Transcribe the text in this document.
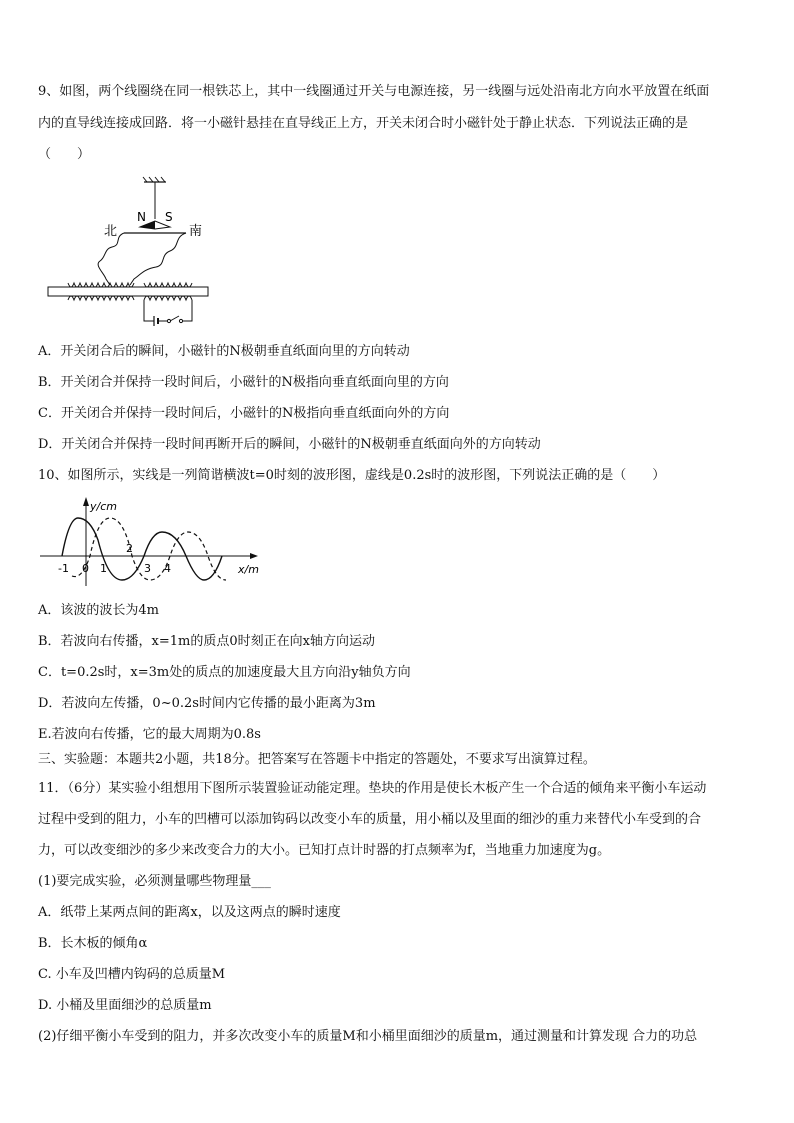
9、如图，两个线圈绕在同一根铁芯上，其中一线圈通过开关与电源连接，另一线圈与远处沿南北方向水平放置在纸面
内的直导线连接成回路．将一小磁针悬挂在直导线正上方，开关未闭合时小磁针处于静止状态．下列说法正确的是
（　　）
N S
北	南
A．开关闭合后的瞬间，小磁针的N极朝垂直纸面向里的方向转动
B．开关闭合并保持一段时间后，小磁针的N极指向垂直纸面向里的方向
C．开关闭合并保持一段时间后，小磁针的N极指向垂直纸面向外的方向
D．开关闭合并保持一段时间再断开后的瞬间，小磁针的N极朝垂直纸面向外的方向转动
10、如图所示，实线是一列简谐横波t=0时刻的波形图，虚线是0.2s时的波形图，下列说法正确的是（　　）
y/cm
x/m
-1 0 1
2
3 4
A．该波的波长为4m
B．若波向右传播，x=1m的质点0时刻正在向x轴方向运动
C．t=0.2s时，x=3m处的质点的加速度最大且方向沿y轴负方向
D．若波向左传播，0~0.2s时间内它传播的最小距离为3m
E.若波向右传播，它的最大周期为0.8s
三、实验题：本题共2小题，共18分。把答案写在答题卡中指定的答题处，不要求写出演算过程。
11．（6分）某实验小组想用下图所示装置验证动能定理。垫块的作用是使长木板产生一个合适的倾角来平衡小车运动
过程中受到的阻力，小车的凹槽可以添加钩码以改变小车的质量，用小桶以及里面的细沙的重力来替代小车受到的合
力，可以改变细沙的多少来改变合力的大小。已知打点计时器的打点频率为f，当地重力加速度为g。
(1)要完成实验，必须测量哪些物理量___
A．纸带上某两点间的距离x，以及这两点的瞬时速度
B．长木板的倾角α
C. 小车及凹槽内钩码的总质量M
D. 小桶及里面细沙的总质量m
(2)仔细平衡小车受到的阻力，并多次改变小车的质量M和小桶里面细沙的质量m，通过测量和计算发现 合力的功总
